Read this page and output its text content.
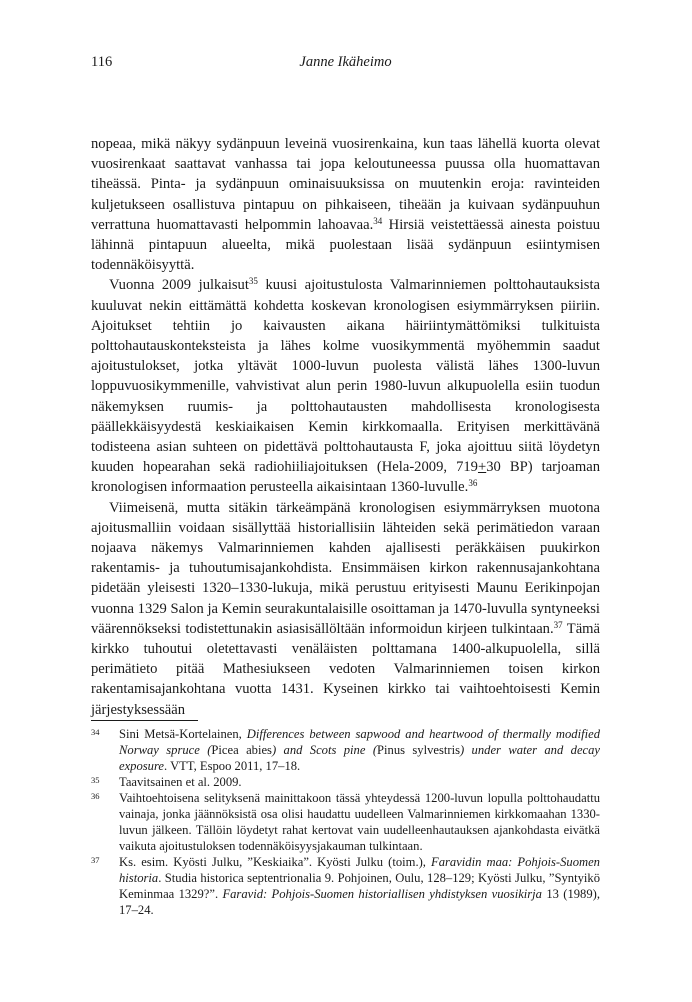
116	Janne Ikäheimo

nopeaa, mikä näkyy sydänpuun leveinä vuosirenkaina, kun taas lähellä kuorta olevat vuosirenkaat saattavat vanhassa tai jopa keloutuneessa puussa olla huomattavan tiheässä. Pinta- ja sydänpuun ominaisuuksissa on muutenkin eroja: ravinteiden kuljetukseen osallistuva pintapuu on pihkaiseen, tiheään ja kuivaan sydänpuuhun verrattuna huomattavasti helpommin lahoavaa.$^{34}$ Hirsiä veistettäessä ainesta poistuu lähinnä pintapuun alueelta, mikä puolestaan lisää sydänpuun esiintymisen todennäköisyyttä.

Vuonna 2009 julkaisut$^{35}$ kuusi ajoitustulosta Valmarinniemen polttohautauksista kuuluvat nekin eittämättä kohdetta koskevan kronologisen esiymmärryksen piiriin. Ajoitukset tehtiin jo kaivausten aikana häiriintymättömiksi tulkituista polttohautauskonteksteista ja lähes kolme vuosikymmentä myöhemmin saadut ajoitustulokset, jotka yltävät 1000-luvun puolesta välistä lähes 1300-luvun loppuvuosikymmenille, vahvistivat alun perin 1980-luvun alkupuolella esiin tuodun näkemyksen ruumis- ja polttohautausten mahdollisesta kronologisesta päällekkäisyydestä keskiaikaisen Kemin kirkkomaalla. Erityisen merkittävänä todisteena asian suhteen on pidettävä polttohautausta F, joka ajoittuu siitä löydetyn kuuden hopearahan sekä radiohiiliajoituksen (Hela-2009, 719+30 BP) tarjoaman kronologisen informaation perusteella aikaisintaan 1360-luvulle.$^{36}$

Viimeisenä, mutta sitäkin tärkeämpänä kronologisen esiymmärryksen muotona ajoitusmalliin voidaan sisällyttää historiallisiin lähteiden sekä perimätiedon varaan nojaava näkemys Valmarinniemen kahden ajallisesti peräkkäisen puukirkon rakentamis- ja tuhoutumisajankohdista. Ensimmäisen kirkon rakennusajankohtana pidetään yleisesti 1320–1330-lukuja, mikä perustuu erityisesti Maunu Eerikinpojan vuonna 1329 Salon ja Kemin seurakuntalaisille osoittaman ja 1470-luvulla syntyneeksi väärennökseksi todistettunakin asiasisällöltään informoidun kirjeen tulkintaan.$^{37}$ Tämä kirkko tuhoutui oletettavasti venäläisten polttamana 1400-alkupuolella, sillä perimätieto pitää Mathesiukseen vedoten Valmarinniemen toisen kirkon rakentamisajankohtana vuotta 1431. Kyseinen kirkko tai vaihtoehtoisesti Kemin järjestyksessään

34 Sini Metsä-Kortelainen, Differences between sapwood and heartwood of thermally modified Norway spruce (Picea abies) and Scots pine (Pinus sylvestris) under water and decay exposure. VTT, Espoo 2011, 17–18.
35 Taavitsainen et al. 2009.
36 Vaihtoehtoisena selityksenä mainittakoon tässä yhteydessä 1200-luvun lopulla polttohaudattu vainaja, jonka jäännöksistä osa olisi haudattu uudelleen Valmarinniemen kirkkomaahan 1330-luvun jälkeen. Tällöin löydetyt rahat kertovat vain uudelleenhautauksen ajankohdasta eivätkä vaikuta ajoitustuloksen todennäköisyysjakauman tulkintaan.
37 Ks. esim. Kyösti Julku, ”Keskiaika”. Kyösti Julku (toim.), Faravidin maa: Pohjois-Suomen historia. Studia historica septentrionalia 9. Pohjoinen, Oulu, 128–129; Kyösti Julku, ”Syntyikö Keminmaa 1329?”. Faravid: Pohjois-Suomen historiallisen yhdistyksen vuosikirja 13 (1989), 17–24.
